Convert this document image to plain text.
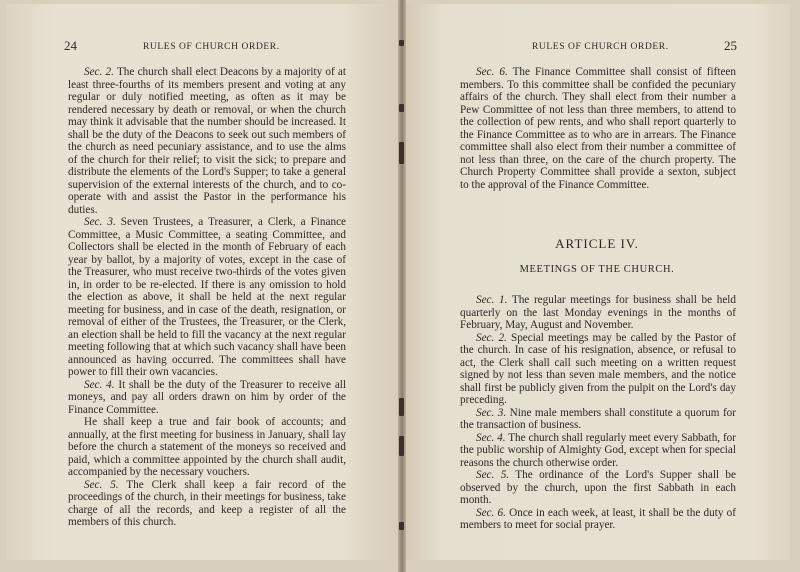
24	RULES OF CHURCH ORDER.

Sec. 2. The church shall elect Deacons by a majority of at least three-fourths of its members present and voting at any regular or duly notified meeting, as often as it may be rendered necessary by death or removal, or when the church may think it advisable that the number should be increased. It shall be the duty of the Deacons to seek out such members of the church as need pecuniary assistance, and to use the alms of the church for their relief; to visit the sick; to prepare and distribute the elements of the Lord's Supper; to take a general supervision of the external interests of the church, and to co-operate with and assist the Pastor in the performance his duties.

Sec. 3. Seven Trustees, a Treasurer, a Clerk, a Finance Committee, a Music Committee, a seating Committee, and Collectors shall be elected in the month of February of each year by ballot, by a majority of votes, except in the case of the Treasurer, who must receive two-thirds of the votes given in, in order to be re-elected. If there is any omission to hold the election as above, it shall be held at the next regular meeting for business, and in case of the death, resignation, or removal of either of the Trustees, the Treasurer, or the Clerk, an election shall be held to fill the vacancy at the next regular meeting following that at which such vacancy shall have been announced as having occurred. The committees shall have power to fill their own vacancies.

Sec. 4. It shall be the duty of the Treasurer to receive all moneys, and pay all orders drawn on him by order of the Finance Committee.

He shall keep a true and fair book of accounts; and annually, at the first meeting for business in January, shall lay before the church a statement of the moneys so received and paid, which a committee appointed by the church shall audit, accompanied by the necessary vouchers.

Sec. 5. The Clerk shall keep a fair record of the proceedings of the church, in their meetings for business, take charge of all the records, and keep a register of all the members of this church.

RULES OF CHURCH ORDER.	25

Sec. 6. The Finance Committee shall consist of fifteen members. To this committee shall be confided the pecuniary affairs of the church. They shall elect from their number a Pew Committee of not less than three members, to attend to the collection of pew rents, and who shall report quarterly to the Finance Committee as to who are in arrears. The Finance committee shall also elect from their number a committee of not less than three, on the care of the church property. The Church Property Committee shall provide a sexton, subject to the approval of the Finance Committee.

ARTICLE IV.
MEETINGS OF THE CHURCH.

Sec. 1. The regular meetings for business shall be held quarterly on the last Monday evenings in the months of February, May, August and November.

Sec. 2. Special meetings may be called by the Pastor of the church. In case of his resignation, absence, or refusal to act, the Clerk shall call such meeting on a written request signed by not less than seven male members, and the notice shall first be publicly given from the pulpit on the Lord's day preceding.

Sec. 3. Nine male members shall constitute a quorum for the transaction of business.

Sec. 4. The church shall regularly meet every Sabbath, for the public worship of Almighty God, except when for special reasons the church otherwise order.

Sec. 5. The ordinance of the Lord's Supper shall be observed by the church, upon the first Sabbath in each month.

Sec. 6. Once in each week, at least, it shall be the duty of members to meet for social prayer.
